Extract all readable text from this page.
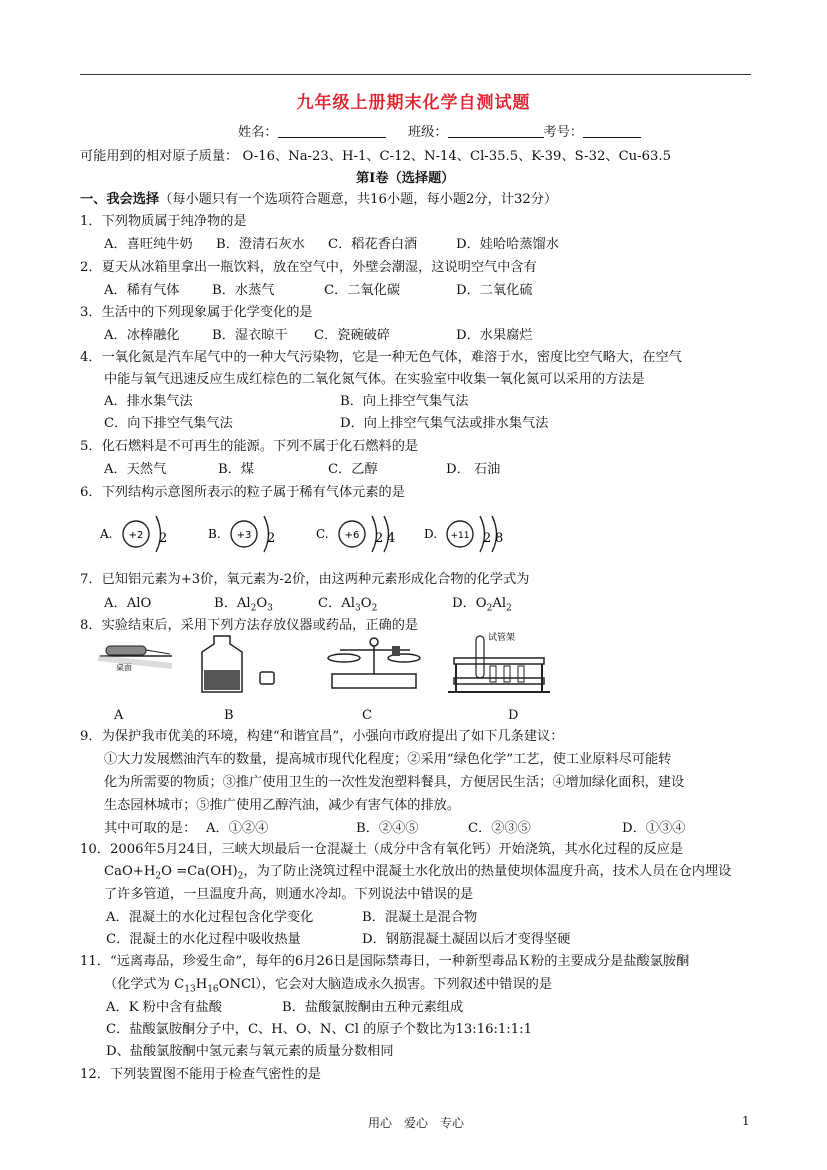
九年级上册期末化学自测试题
姓名：	班级：	考号：
可能用到的相对原子质量： O-16、Na-23、H-1、C-12、N-14、Cl-35.5、K-39、S-32、Cu-63.5
第Ⅰ卷（选择题）
一、我会选择（每小题只有一个选项符合题意，共16小题，每小题2分，计32分）
1．下列物质属于纯净物的是
A．喜旺纯牛奶 B．澄清石灰水 C．稻花香白酒	D．娃哈哈蒸馏水
2．夏天从冰箱里拿出一瓶饮料，放在空气中，外壁会潮湿，这说明空气中含有
A．稀有气体 B．水蒸气	C．二氧化碳	D．二氧化硫
3．生活中的下列现象属于化学变化的是
A．冰棒融化 B．湿衣晾干 C．瓷碗破碎	D．水果腐烂
4．一氧化氮是汽车尾气中的一种大气污染物，它是一种无色气体，难溶于水，密度比空气略大，在空气
中能与氧气迅速反应生成红棕色的二氧化氮气体。在实验室中收集一氧化氮可以采用的方法是
A．排水集气法	B．向上排空气集气法
C．向下排空气集气法	D．向上排空气集气法或排水集气法
5．化石燃料是不可再生的能源。下列不属于化石燃料的是
A．天然气	B．煤	C．乙醇	D． 石油
6．下列结构示意图所表示的粒子属于稀有气体元素的是
A. +2 2	B. +3 2	C. +6 2 4 D. +11 2 8
7．已知铝元素为+3价，氧元素为-2价，由这两种元素形成化合物的化学式为
A．AlO	B．$Al_2O_3$	C．$Al_3O_2$	D．$O_2Al_2$
8．实验结束后，采用下列方法存放仪器或药品，正确的是
桌面
试管架
A	B	C	D
9．为保护我市优美的环境，构建“和谐宜昌”，小强向市政府提出了如下几条建议：
①大力发展燃油汽车的数量，提高城市现代化程度；②采用“绿色化学”工艺，使工业原料尽可能转
化为所需要的物质；③推广使用卫生的一次性发泡塑料餐具，方便居民生活；④增加绿化面积，建设
生态园林城市；⑤推广使用乙醇汽油，减少有害气体的排放。
其中可取的是： A．①②④	B．②④⑤	C．②③⑤	D．①③④
10．2006年5月24日，三峡大坝最后一仓混凝土（成分中含有氧化钙）开始浇筑，其水化过程的反应是
$CaO+H_2O =Ca(OH)_2$，为了防止浇筑过程中混凝土水化放出的热量使坝体温度升高，技术人员在仓内埋设
了许多管道，一旦温度升高，则通水冷却。下列说法中错误的是
A．混凝土的水化过程包含化学变化	B．混凝土是混合物
C．混凝土的水化过程中吸收热量	D．钢筋混凝土凝固以后才变得坚硬
11．“远离毒品，珍爱生命”，每年的6月26日是国际禁毒日，一种新型毒品Ｋ粉的主要成分是盐酸氯胺酮
（化学式为 $C_{13}H_{16}ONCl$），它会对大脑造成永久损害。下列叙述中错误的是
A．K 粉中含有盐酸	B．盐酸氯胺酮由五种元素组成
C．盐酸氯胺酮分子中，C、H、O、N、Cl 的原子个数比为13:16:1:1:1
D、盐酸氯胺酮中氢元素与氧元素的质量分数相同
12．下列装置图不能用于检查气密性的是
用心 爱心 专心	1
